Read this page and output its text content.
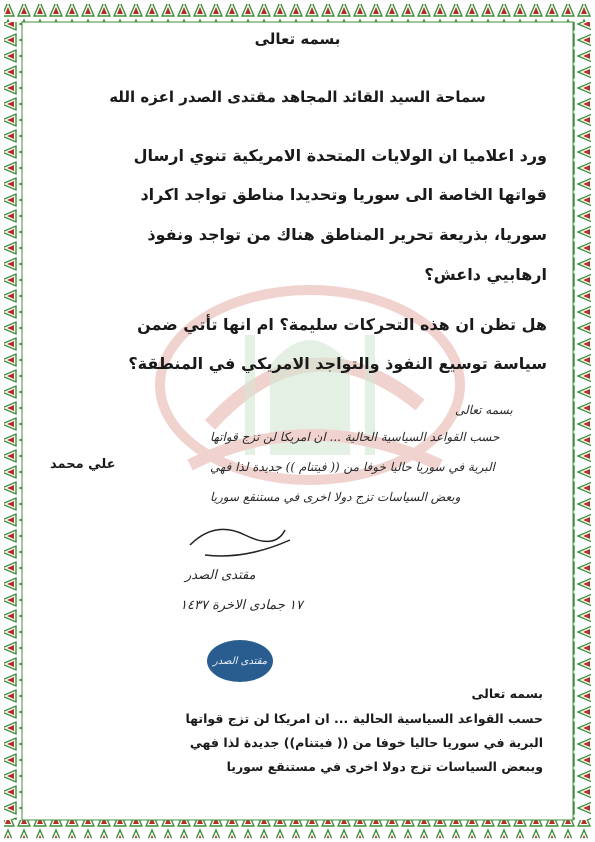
بسمه تعالى
سماحة السيد القائد المجاهد مقتدى الصدر اعزه الله
ورد اعلاميا ان الولايات المتحدة الامريكية تنوي ارسال
قواتها الخاصة الى سوريا وتحديدا مناطق تواجد اكراد
سوريا، بذريعة تحرير المناطق هناك من تواجد ونفوذ
ارهابيي داعش؟
هل تظن ان هذه التحركات سليمة؟ ام انها تأتي ضمن
سياسة توسيع النفوذ والتواجد الامريكي في المنطقة؟
علي محمد
بسمه تعالى
حسب القواعد السياسية الحالية ... ان امريكا لن تزج قواتها
البرية في سوريا حاليا خوفا من (( فيتنام )) جديدة لذا فهي
وبعض السياسات تزج دولا اخرى في مستنقع سوريا
مقتدى الصدر
١٧ جمادى الاخرة ١٤٣٧
مقتدى الصدر
بسمه تعالى
حسب القواعد السياسية الحالية ... ان امريكا لن تزج قواتها
البرية في سوريا حاليا خوفا من (( فيتنام)) جديدة لذا فهي
وببعض السياسات تزج دولا اخرى في مستنقع سوريا
